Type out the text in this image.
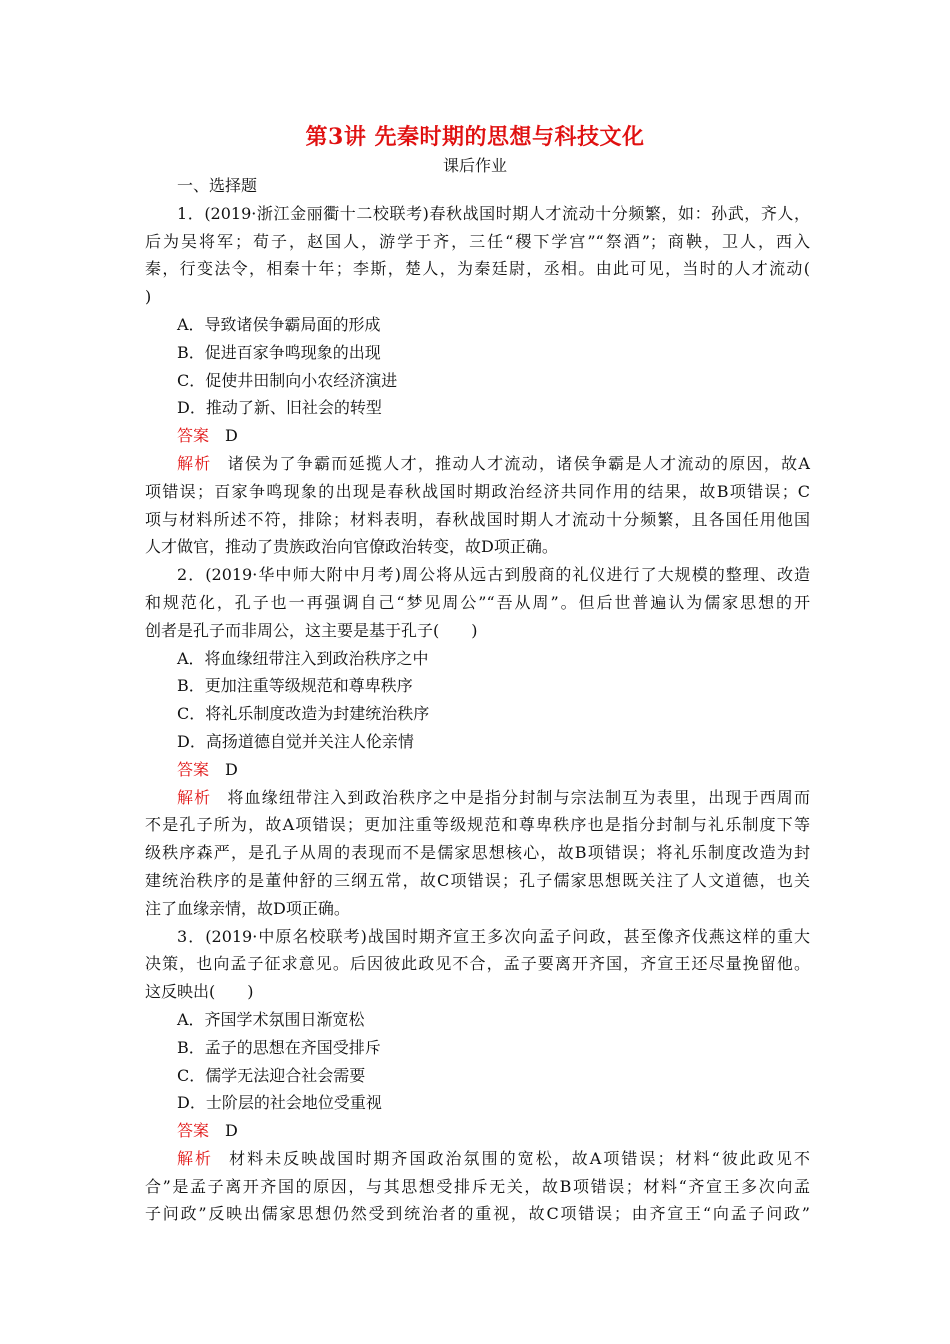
第3讲 先秦时期的思想与科技文化
课后作业
一、选择题
1．(2019·浙江金丽衢十二校联考)春秋战国时期人才流动十分频繁，如：孙武，齐人，
后为吴将军；荀子，赵国人，游学于齐，三任“稷下学宫”“祭酒”；商鞅，卫人，西入
秦，行变法令，相秦十年；李斯，楚人，为秦廷尉，丞相。由此可见，当时的人才流动(
)
A．导致诸侯争霸局面的形成
B．促进百家争鸣现象的出现
C．促使井田制向小农经济演进
D．推动了新、旧社会的转型
答案 D
解析 诸侯为了争霸而延揽人才，推动人才流动，诸侯争霸是人才流动的原因，故A
项错误；百家争鸣现象的出现是春秋战国时期政治经济共同作用的结果，故B项错误；C
项与材料所述不符，排除；材料表明，春秋战国时期人才流动十分频繁，且各国任用他国
人才做官，推动了贵族政治向官僚政治转变，故D项正确。
2．(2019·华中师大附中月考)周公将从远古到殷商的礼仪进行了大规模的整理、改造
和规范化，孔子也一再强调自己“梦见周公”“吾从周”。但后世普遍认为儒家思想的开
创者是孔子而非周公，这主要是基于孔子(　　)
A．将血缘纽带注入到政治秩序之中
B．更加注重等级规范和尊卑秩序
C．将礼乐制度改造为封建统治秩序
D．高扬道德自觉并关注人伦亲情
答案 D
解析 将血缘纽带注入到政治秩序之中是指分封制与宗法制互为表里，出现于西周而
不是孔子所为，故A项错误；更加注重等级规范和尊卑秩序也是指分封制与礼乐制度下等
级秩序森严，是孔子从周的表现而不是儒家思想核心，故B项错误；将礼乐制度改造为封
建统治秩序的是董仲舒的三纲五常，故C项错误；孔子儒家思想既关注了人文道德，也关
注了血缘亲情，故D项正确。
3．(2019·中原名校联考)战国时期齐宣王多次向孟子问政，甚至像齐伐燕这样的重大
决策，也向孟子征求意见。后因彼此政见不合，孟子要离开齐国，齐宣王还尽量挽留他。
这反映出(　　)
A．齐国学术氛围日渐宽松
B．孟子的思想在齐国受排斥
C．儒学无法迎合社会需要
D．士阶层的社会地位受重视
答案 D
解析 材料未反映战国时期齐国政治氛围的宽松，故A项错误；材料“彼此政见不
合”是孟子离开齐国的原因，与其思想受排斥无关，故B项错误；材料“齐宣王多次向孟
子问政”反映出儒家思想仍然受到统治者的重视，故C项错误；由齐宣王“向孟子问政”
